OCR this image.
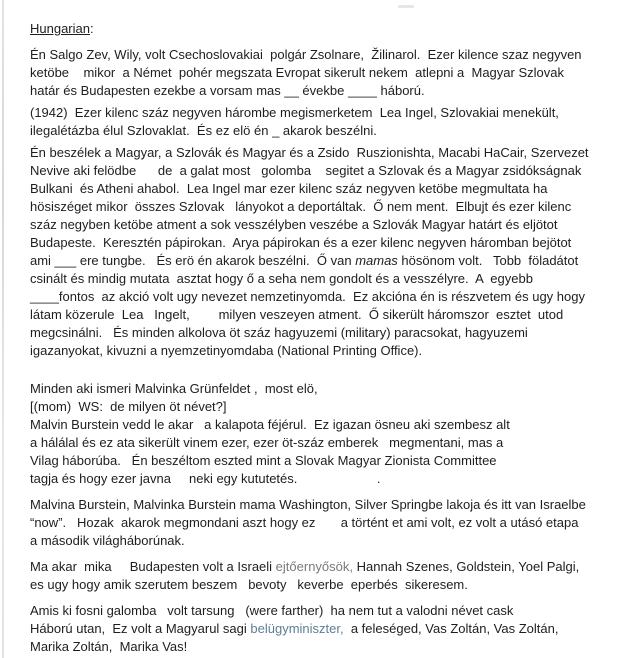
Hungarian:
Én Salgo Zev, Wily, volt Csechoslovakiai  polgár Zsolnare,  Žilinarol.  Ezer kilence szaz negyven
ketöbe    mikor  a Német  pohér megszata Evropat sikerult nekem  atlepni a  Magyar Szlovak
határ és Budapesten ezekbe a vorsam mas __ évekbe ____ háború.
(1942)  Ezer kilenc száz negyven hárombe megismerketem  Lea Ingel, Szlovakiai menekült,
ilegalétázba élul Szlovaklat.  És ez elö én _ akarok beszélni.
Én beszélek a Magyar, a Szlovák és Magyar és a Zsido  Ruszionishta, Macabi HaCair, Szervezet
Nevive aki felödbe      de  a galat most   golomba    segitet a Szlovak és a Magyar zsidókságnak
Bulkani  és Atheni ahabol.  Lea Ingel mar ezer kilenc száz negyven ketöbe megmultata ha
hösiszéget mikor  összes Szlovak   lányokot a deportáltak.  Ő nem ment.  Elbujt és ezer kilenc
száz negyben ketöbe atment a sok vesszélyben veszébe a Szlovák Magyar határt és eljötot
Budapeste.  Keresztén pápirokan.  Arya pápirokan és a ezer kilenc negyven háromban bejötot
ami ___ ere tungbe.   És erö én akarok beszélni.  Ő van mamas hösönom volt.   Tobb  föladátot
csinált és mindig mutata  asztat hogy ő a seha nem gondolt és a vesszélyre.  A  egyebb
____fontos  az akció volt ugy nevezet nemzetinyomda.  Ez akcióna én is részvetem és ugy hogy
látam közerule  Lea   Ingelt,        milyen veszeyen atment.  Ő sikerült háromszor  esztet  utod
megcsinálni.   És minden alkolova öt száz hagyuzemi (military) paracsokat, hagyuzemi
igazanyokat, kivuzni a nyemzetinyomdaba (National Printing Office).
Minden aki ismeri Malvinka Grünfeldet ,  most elö,
[(mom)  WS:  de milyen öt névet?]
Malvin Burstein vedd le akar   a kalapota féjérul.  Ez igazan ösneu aki szembesz alt
a hálálal és ez ata sikerült vinem ezer, ezer öt-száz emberek   megmentani, mas a
Vilag háborúba.   Én beszéltom eszted mint a Slovak Magyar Zionista Committee
tagja és hogy ezer javna     neki egy kututetés.                      .
Malvina Burstein, Malvinka Burstein mama Washington, Silver Springbe lakoja és itt van Israelbe
“now”.   Hozak  akarok megmondani aszt hogy ez       a történt et ami volt, ez volt a utásó etapa
a második világháborúnak.
Ma akar  mika     Budapesten volt a Israeli ejtőernyősök, Hannah Szenes, Goldstein, Yoel Palgi,
es ugy hogy amik szerutem beszem   bevoty   keverbe  eperbés  sikeresem.
Amis ki fosni galomba   volt tarsung   (were farther)  ha nem tut a valodni névet cask
Háború utan,  Ez volt a Magyarul sagi belügyminiszter,  a feleséged, Vas Zoltán, Vas Zoltán,
Marika Zoltán,  Marika Vas!
